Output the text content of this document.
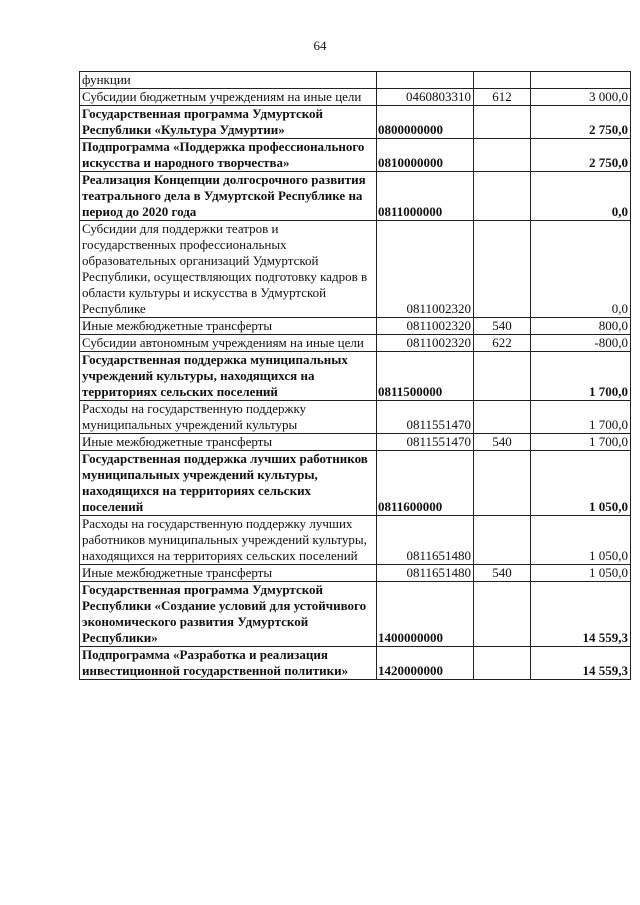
64
функции			
Субсидии бюджетным учреждениям на иные цели	0460803310	612	3 000,0
Государственная программа Удмуртской Республики «Культура Удмуртии»	0800000000		2 750,0
Подпрограмма «Поддержка профессионального искусства и народного творчества»	0810000000		2 750,0
Реализация Концепции долгосрочного развития театрального дела в Удмуртской Республике на период до 2020 года	0811000000		0,0
Субсидии для поддержки театров и государственных профессиональных образовательных организаций Удмуртской Республики, осуществляющих подготовку кадров в области культуры и искусства в Удмуртской Республике	0811002320		0,0
Иные межбюджетные трансферты	0811002320	540	800,0
Субсидии автономным учреждениям на иные цели	0811002320	622	-800,0
Государственная поддержка муниципальных учреждений культуры, находящихся на территориях сельских поселений	0811500000		1 700,0
Расходы на государственную поддержку муниципальных учреждений культуры	0811551470		1 700,0
Иные межбюджетные трансферты	0811551470	540	1 700,0
Государственная поддержка лучших работников муниципальных учреждений культуры, находящихся на территориях сельских поселений	0811600000		1 050,0
Расходы на государственную поддержку лучших работников муниципальных учреждений культуры, находящихся на территориях сельских поселений	0811651480		1 050,0
Иные межбюджетные трансферты	0811651480	540	1 050,0
Государственная программа Удмуртской Республики «Создание условий для устойчивого экономического развития Удмуртской Республики»	1400000000		14 559,3
Подпрограмма «Разработка и реализация инвестиционной государственной политики»	1420000000		14 559,3
